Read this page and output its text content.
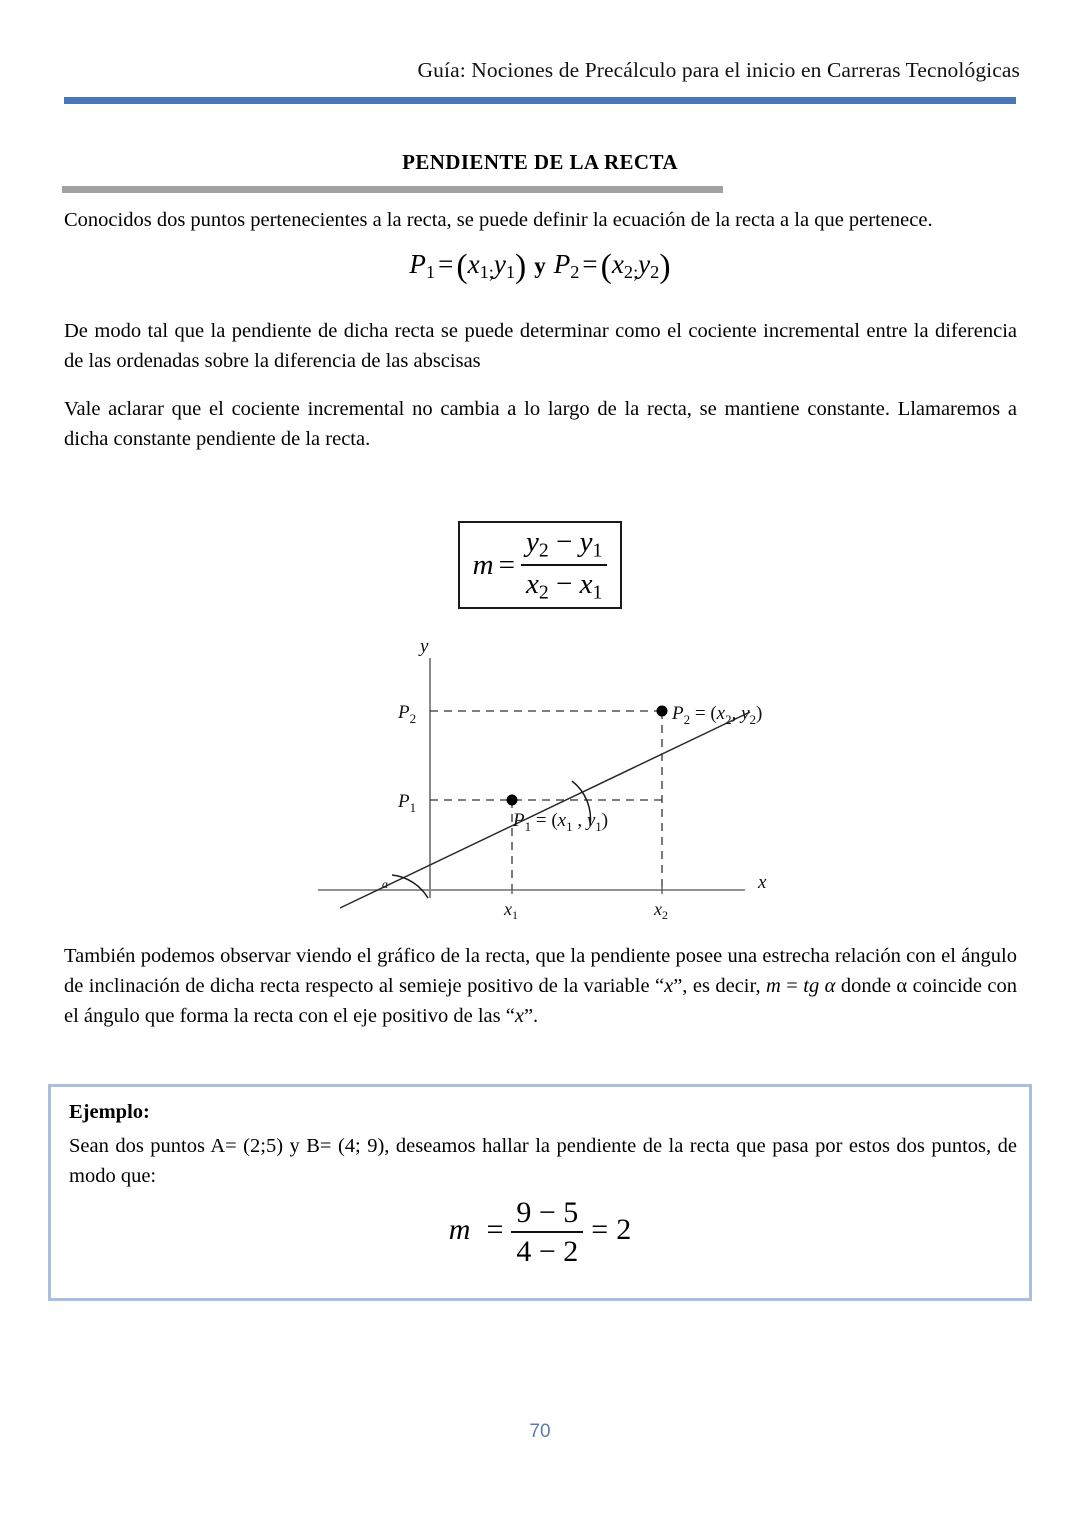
Guía: Nociones de Precálculo para el inicio en Carreras Tecnológicas
PENDIENTE DE LA RECTA
Conocidos dos puntos pertenecientes a la recta, se puede definir la ecuación de la recta a la que pertenece.
P1 =(x1;y1) y P2 =(x2;y2)
De modo tal que la pendiente de dicha recta se puede determinar como el cociente incremental entre la diferencia de las ordenadas sobre la diferencia de las abscisas
Vale aclarar que el cociente incremental no cambia a lo largo de la recta, se mantiene constante. Llamaremos a dicha constante pendiente de la recta.
$m = \frac{y2 - y1}{x2 - x1}$
y
x
$P_2$
$P_1$
$x_1$	$x_2$
ɑ
$P_1 = (x_1$ , $y_1$)
$P_2 = (x_2$, $y_2$)
También podemos observar viendo el gráfico de la recta, que la pendiente posee una estrecha relación con el ángulo de inclinación de dicha recta respecto al semieje positivo de la variable “x”, es decir, m = tg α donde α coincide con el ángulo que forma la recta con el eje positivo de las “x”.
Ejemplo:
Sean dos puntos A= (2;5) y B= (4; 9), deseamos hallar la pendiente de la recta que pasa por estos dos puntos, de modo que:
$m = \frac{9 - 5}{4 - 2} = 2$
70
